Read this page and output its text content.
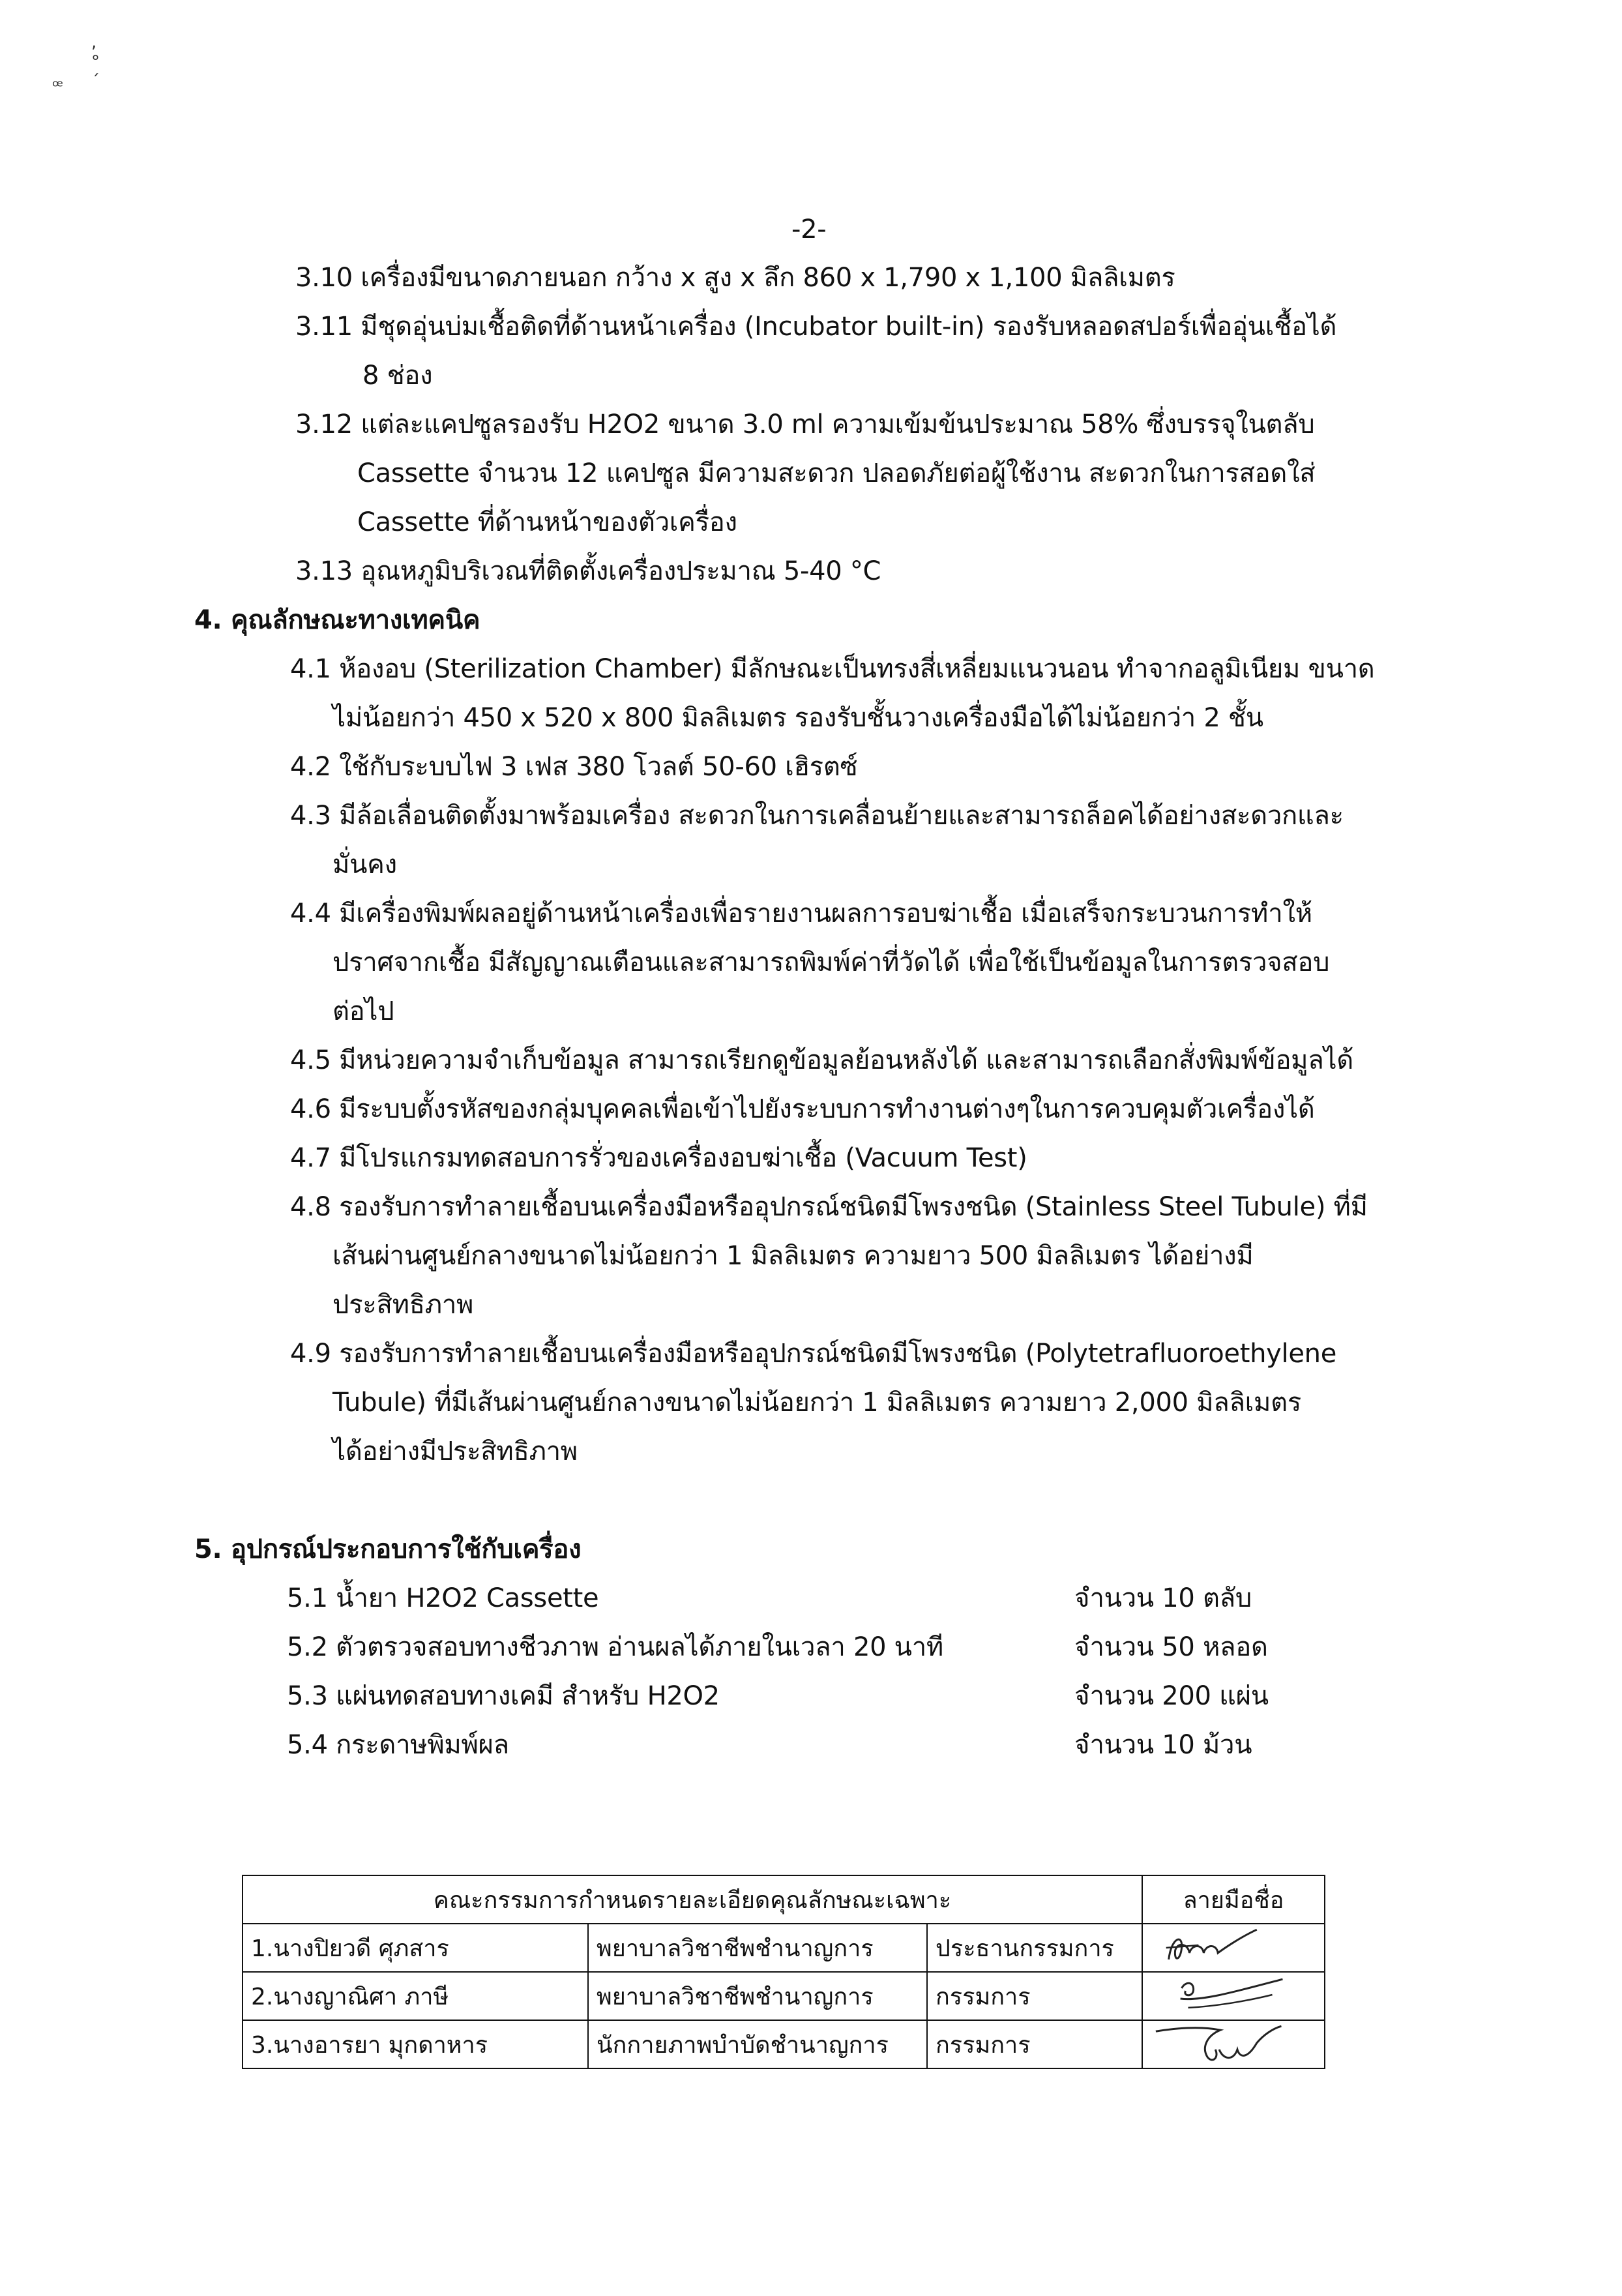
, ° ˊ
ꟹ
-2-
3.10 เครื่องมีขนาดภายนอก กว้าง x สูง x ลึก 860 x 1,790 x 1,100 มิลลิเมตร
3.11 มีชุดอุ่นบ่มเชื้อติดที่ด้านหน้าเครื่อง (Incubator built-in) รองรับหลอดสปอร์เพื่ออุ่นเชื้อได้
8 ช่อง
3.12 แต่ละแคปซูลรองรับ H2O2 ขนาด 3.0 ml ความเข้มข้นประมาณ 58% ซึ่งบรรจุในตลับ
Cassette จำนวน 12 แคปซูล มีความสะดวก ปลอดภัยต่อผู้ใช้งาน สะดวกในการสอดใส่
Cassette ที่ด้านหน้าของตัวเครื่อง
3.13 อุณหภูมิบริเวณที่ติดตั้งเครื่องประมาณ 5-40 °C
4. คุณลักษณะทางเทคนิค
4.1 ห้องอบ (Sterilization Chamber) มีลักษณะเป็นทรงสี่เหลี่ยมแนวนอน ทำจากอลูมิเนียม ขนาด
ไม่น้อยกว่า 450 x 520 x 800 มิลลิเมตร รองรับชั้นวางเครื่องมือได้ไม่น้อยกว่า 2 ชั้น
4.2 ใช้กับระบบไฟ 3 เฟส 380 โวลต์ 50-60 เฮิรตซ์
4.3 มีล้อเลื่อนติดตั้งมาพร้อมเครื่อง สะดวกในการเคลื่อนย้ายและสามารถล็อคได้อย่างสะดวกและ
มั่นคง
4.4 มีเครื่องพิมพ์ผลอยู่ด้านหน้าเครื่องเพื่อรายงานผลการอบฆ่าเชื้อ เมื่อเสร็จกระบวนการทำให้
ปราศจากเชื้อ มีสัญญาณเตือนและสามารถพิมพ์ค่าที่วัดได้ เพื่อใช้เป็นข้อมูลในการตรวจสอบ
ต่อไป
4.5 มีหน่วยความจำเก็บข้อมูล สามารถเรียกดูข้อมูลย้อนหลังได้ และสามารถเลือกสั่งพิมพ์ข้อมูลได้
4.6 มีระบบตั้งรหัสของกลุ่มบุคคลเพื่อเข้าไปยังระบบการทำงานต่างๆในการควบคุมตัวเครื่องได้
4.7 มีโปรแกรมทดสอบการรั่วของเครื่องอบฆ่าเชื้อ (Vacuum Test)
4.8 รองรับการทำลายเชื้อบนเครื่องมือหรืออุปกรณ์ชนิดมีโพรงชนิด (Stainless Steel Tubule) ที่มี
เส้นผ่านศูนย์กลางขนาดไม่น้อยกว่า 1 มิลลิเมตร ความยาว 500 มิลลิเมตร ได้อย่างมี
ประสิทธิภาพ
4.9 รองรับการทำลายเชื้อบนเครื่องมือหรืออุปกรณ์ชนิดมีโพรงชนิด (Polytetrafluoroethylene
Tubule) ที่มีเส้นผ่านศูนย์กลางขนาดไม่น้อยกว่า 1 มิลลิเมตร ความยาว 2,000 มิลลิเมตร
ได้อย่างมีประสิทธิภาพ
5. อุปกรณ์ประกอบการใช้กับเครื่อง
5.1 น้ำยา H2O2 Cassette	จำนวน 10 ตลับ
5.2 ตัวตรวจสอบทางชีวภาพ อ่านผลได้ภายในเวลา 20 นาที	จำนวน 50 หลอด
5.3 แผ่นทดสอบทางเคมี สำหรับ H2O2	จำนวน 200 แผ่น
5.4 กระดาษพิมพ์ผล	จำนวน 10 ม้วน
คณะกรรมการกำหนดรายละเอียดคุณลักษณะเฉพาะ			ลายมือชื่อ
1.นางปิยวดี ศุภสาร	พยาบาลวิชาชีพชำนาญการ	ประธานกรรมการ	

2.นางญาณิศา ภาษี	พยาบาลวิชาชีพชำนาญการ	กรรมการ	

3.นางอารยา มุกดาหาร	นักกายภาพบำบัดชำนาญการ	กรรมการ	
